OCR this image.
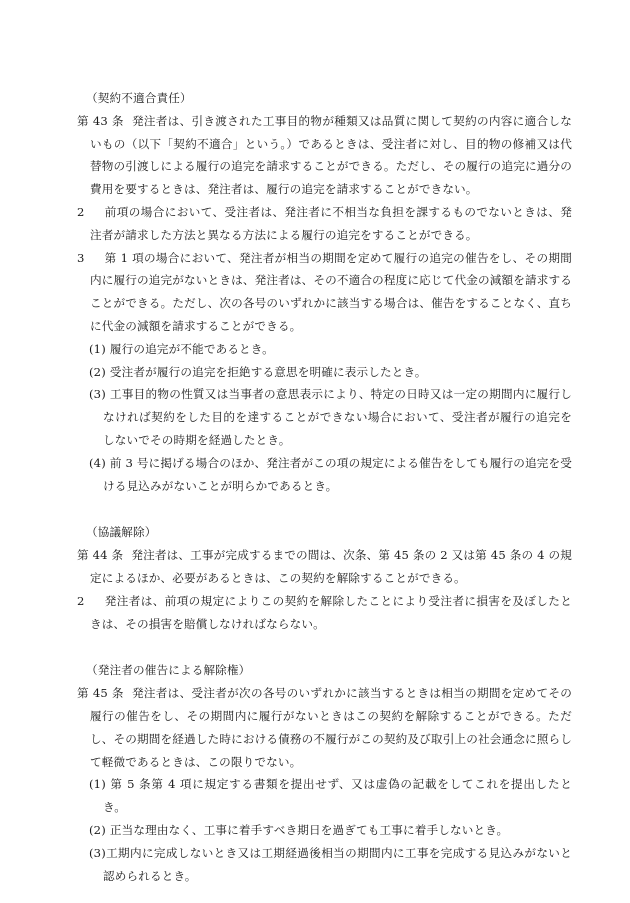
（契約不適合責任）

第 43 条 発注者は、引き渡された工事目的物が種類又は品質に関して契約の内容に適合しないもの（以下「契約不適合」という。）であるときは、受注者に対し、目的物の修補又は代替物の引渡しによる履行の追完を請求することができる。ただし、その履行の追完に過分の費用を要するときは、発注者は、履行の追完を請求することができない。

2 前項の場合において、受注者は、発注者に不相当な負担を課するものでないときは、発注者が請求した方法と異なる方法による履行の追完をすることができる。

3 第 1 項の場合において、発注者が相当の期間を定めて履行の追完の催告をし、その期間内に履行の追完がないときは、発注者は、その不適合の程度に応じて代金の減額を請求することができる。ただし、次の各号のいずれかに該当する場合は、催告をすることなく、直ちに代金の減額を請求することができる。

(1) 履行の追完が不能であるとき。

(2) 受注者が履行の追完を拒絶する意思を明確に表示したとき。

(3) 工事目的物の性質又は当事者の意思表示により、特定の日時又は一定の期間内に履行しなければ契約をした目的を達することができない場合において、受注者が履行の追完をしないでその時期を経過したとき。

(4) 前 3 号に掲げる場合のほか、発注者がこの項の規定による催告をしても履行の追完を受ける見込みがないことが明らかであるとき。

（協議解除）

第 44 条 発注者は、工事が完成するまでの間は、次条、第 45 条の 2 又は第 45 条の 4 の規定によるほか、必要があるときは、この契約を解除することができる。

2 発注者は、前項の規定によりこの契約を解除したことにより受注者に損害を及ぼしたときは、その損害を賠償しなければならない。

（発注者の催告による解除権）

第 45 条 発注者は、受注者が次の各号のいずれかに該当するときは相当の期間を定めてその履行の催告をし、その期間内に履行がないときはこの契約を解除することができる。ただし、その期間を経過した時における債務の不履行がこの契約及び取引上の社会通念に照らして軽微であるときは、この限りでない。

(1) 第 5 条第 4 項に規定する書類を提出せず、又は虚偽の記載をしてこれを提出したとき。

(2) 正当な理由なく、工事に着手すべき期日を過ぎても工事に着手しないとき。

(3)工期内に完成しないとき又は工期経過後相当の期間内に工事を完成する見込みがないと認められるとき。
